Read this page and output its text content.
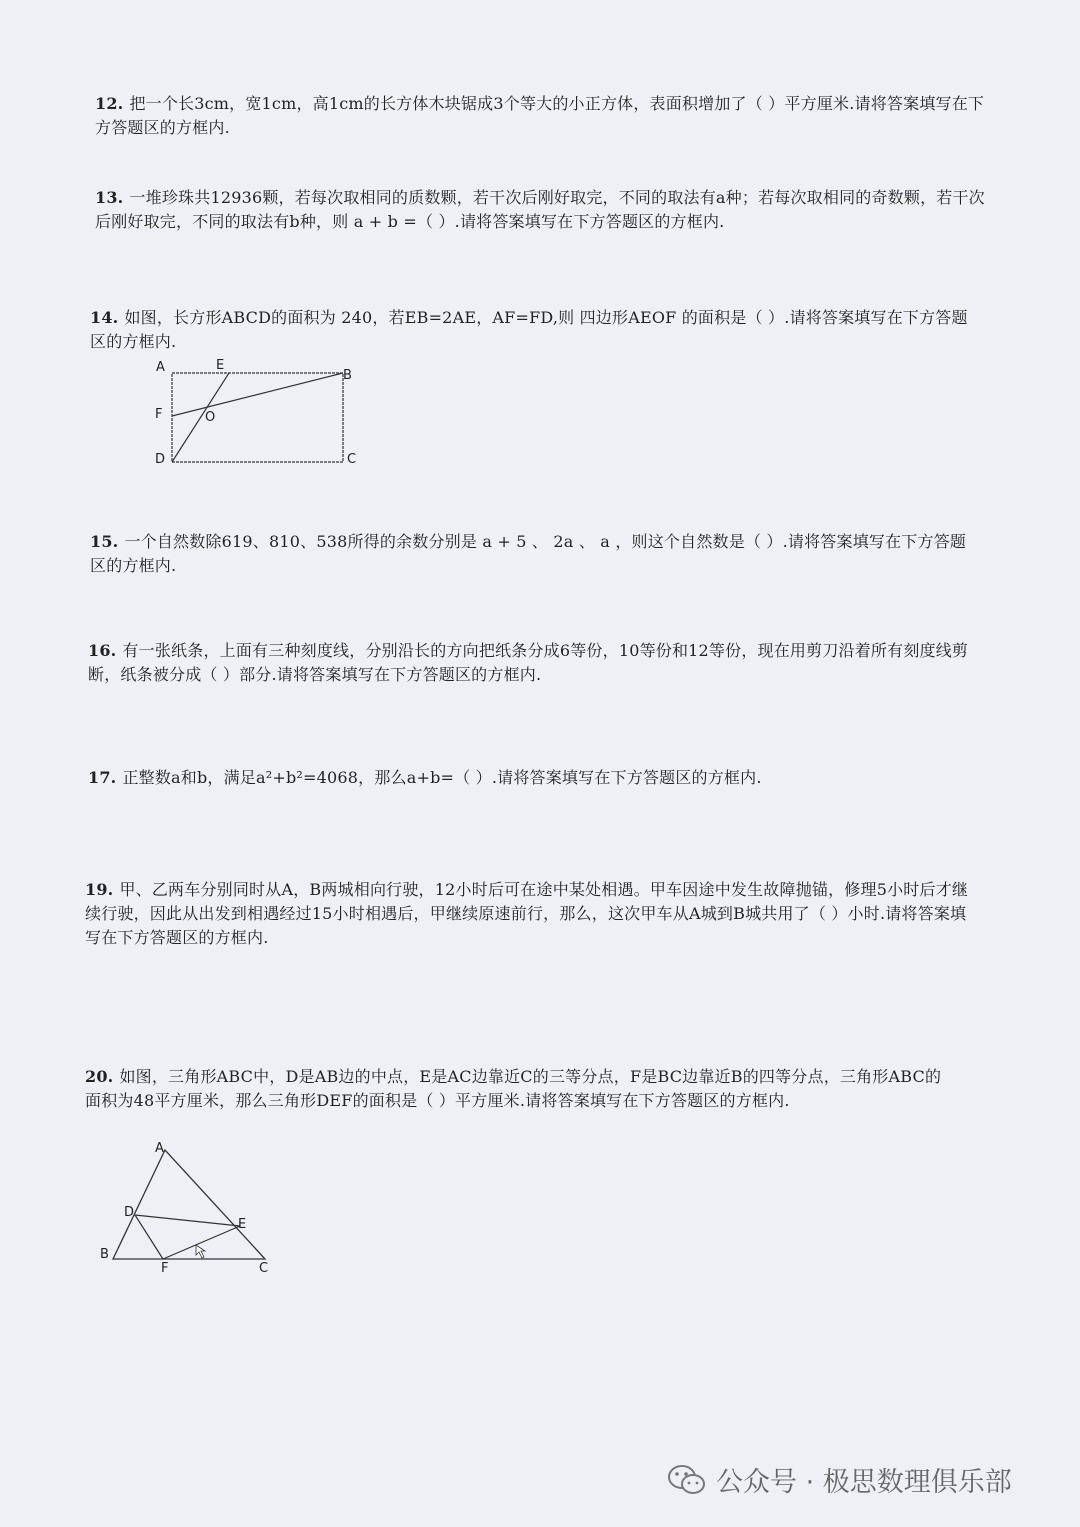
12. 把一个长3cm，宽1cm，高1cm的长方体木块锯成3个等大的小正方体，表面积增加了（ ）平方厘米.请将答案填写在下方答题区的方框内.
13. 一堆珍珠共12936颗，若每次取相同的质数颗，若干次后刚好取完，不同的取法有a种；若每次取相同的奇数颗，若干次后刚好取完，不同的取法有b种，则 a + b =（ ）.请将答案填写在下方答题区的方框内.
14. 如图，长方形ABCD的面积为 240，若EB=2AE，AF=FD,则 四边形AEOF 的面积是（ ）.请将答案填写在下方答题区的方框内.
A	E
B
F	O
D	C
15. 一个自然数除619、810、538所得的余数分别是 a + 5 、 2a 、 a ，则这个自然数是（ ）.请将答案填写在下方答题区的方框内.
16. 有一张纸条，上面有三种刻度线，分别沿长的方向把纸条分成6等份，10等份和12等份，现在用剪刀沿着所有刻度线剪断，纸条被分成（ ）部分.请将答案填写在下方答题区的方框内.
17. 正整数a和b，满足a²+b²=4068，那么a+b=（ ）.请将答案填写在下方答题区的方框内.
19. 甲、乙两车分别同时从A，B两城相向行驶，12小时后可在途中某处相遇。甲车因途中发生故障抛锚，修理5小时后才继续行驶，因此从出发到相遇经过15小时相遇后，甲继续原速前行，那么，这次甲车从A城到B城共用了（ ）小时.请将答案填写在下方答题区的方框内.
20. 如图，三角形ABC中，D是AB边的中点，E是AC边靠近C的三等分点，F是BC边靠近B的四等分点，三角形ABC的面积为48平方厘米，那么三角形DEF的面积是（ ）平方厘米.请将答案填写在下方答题区的方框内.
A
D
E
B
F	C
公众号 · 极思数理俱乐部
